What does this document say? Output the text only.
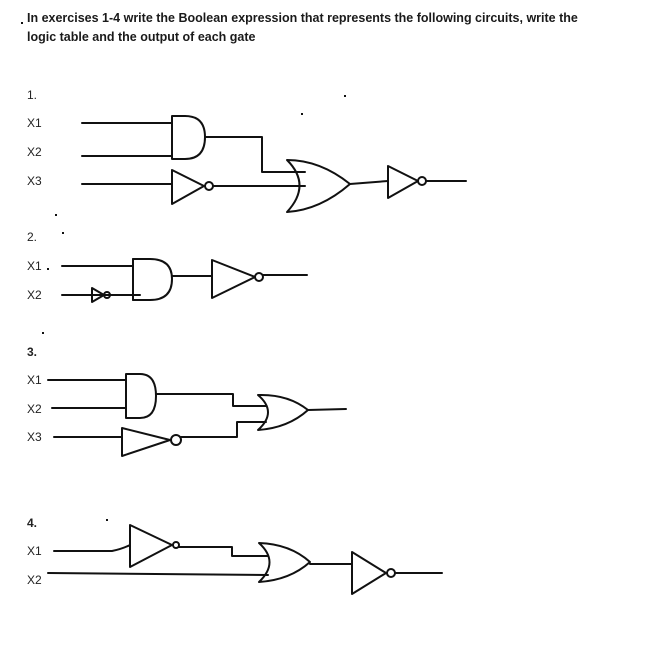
In exercises 1-4 write the Boolean expression that represents the following circuits, write the
logic table and the output of each gate
1.
X1
X2
X3
2.
X1
X2
3.
X1
X2
X3
4.
X1
X2
